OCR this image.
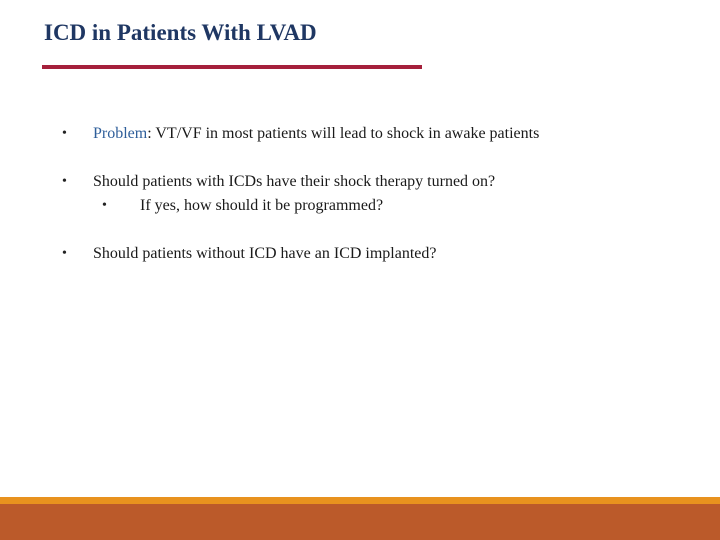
ICD in Patients With LVAD
• Problem: VT/VF in most patients will lead to shock in awake patients
• Should patients with ICDs have their shock therapy turned on?
• If yes, how should it be programmed?
• Should patients without ICD have an ICD implanted?
